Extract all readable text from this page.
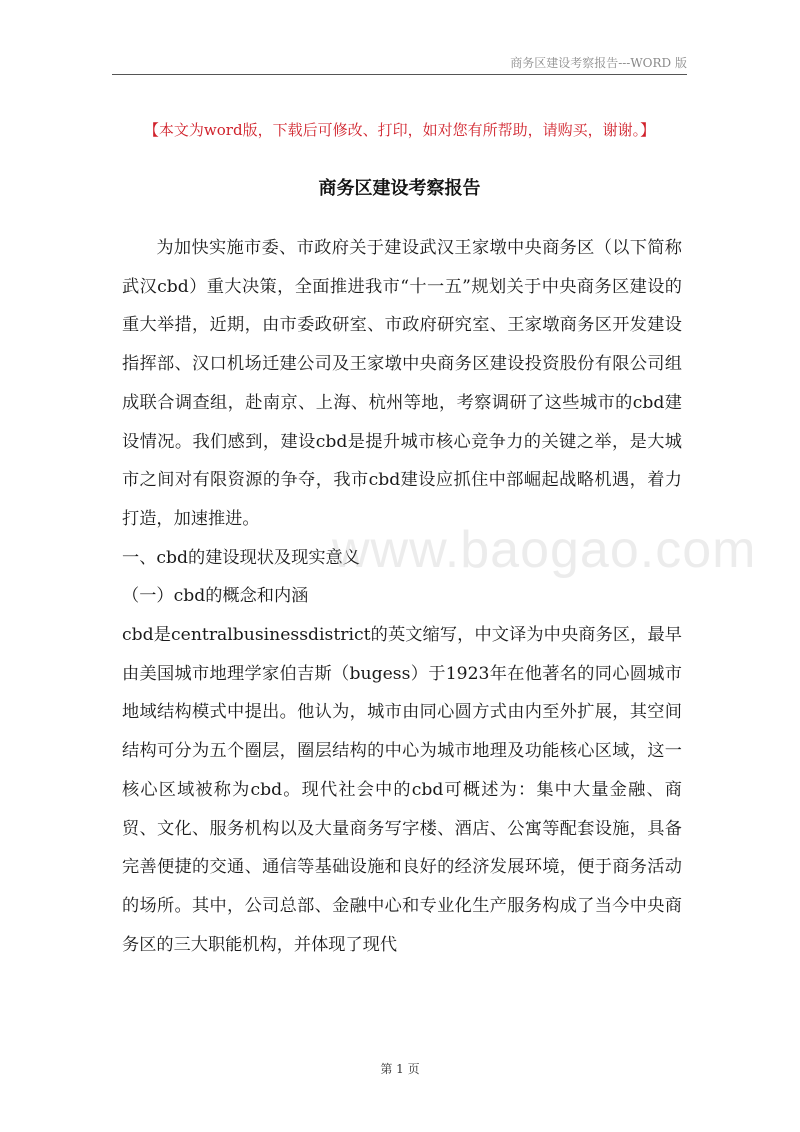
商务区建设考察报告---WORD 版
【本文为word版，下载后可修改、打印，如对您有所帮助，请购买，谢谢。】
商务区建设考察报告

为加快实施市委、市政府关于建设武汉王家墩中央商务区（以下简称武汉cbd）重大决策，全面推进我市“十一五”规划关于中央商务区建设的重大举措，近期，由市委政研室、市政府研究室、王家墩商务区开发建设指挥部、汉口机场迁建公司及王家墩中央商务区建设投资股份有限公司组成联合调查组，赴南京、上海、杭州等地，考察调研了这些城市的cbd建设情况。我们感到，建设cbd是提升城市核心竞争力的关键之举，是大城市之间对有限资源的争夺，我市cbd建设应抓住中部崛起战略机遇，着力打造，加速推进。

一、cbd的建设现状及现实意义

（一）cbd的概念和内涵

cbd是centralbusinessdistrict的英文缩写，中文译为中央商务区，最早由美国城市地理学家伯吉斯（bugess）于1923年在他著名的同心圆城市地域结构模式中提出。他认为，城市由同心圆方式由内至外扩展，其空间结构可分为五个圈层，圈层结构的中心为城市地理及功能核心区域，这一核心区域被称为cbd。现代社会中的cbd可概述为：集中大量金融、商贸、文化、服务机构以及大量商务写字楼、酒店、公寓等配套设施，具备完善便捷的交通、通信等基础设施和良好的经济发展环境，便于商务活动的场所。其中，公司总部、金融中心和专业化生产服务构成了当今中央商务区的三大职能机构，并体现了现代

www.baogao.com
第 1 页
